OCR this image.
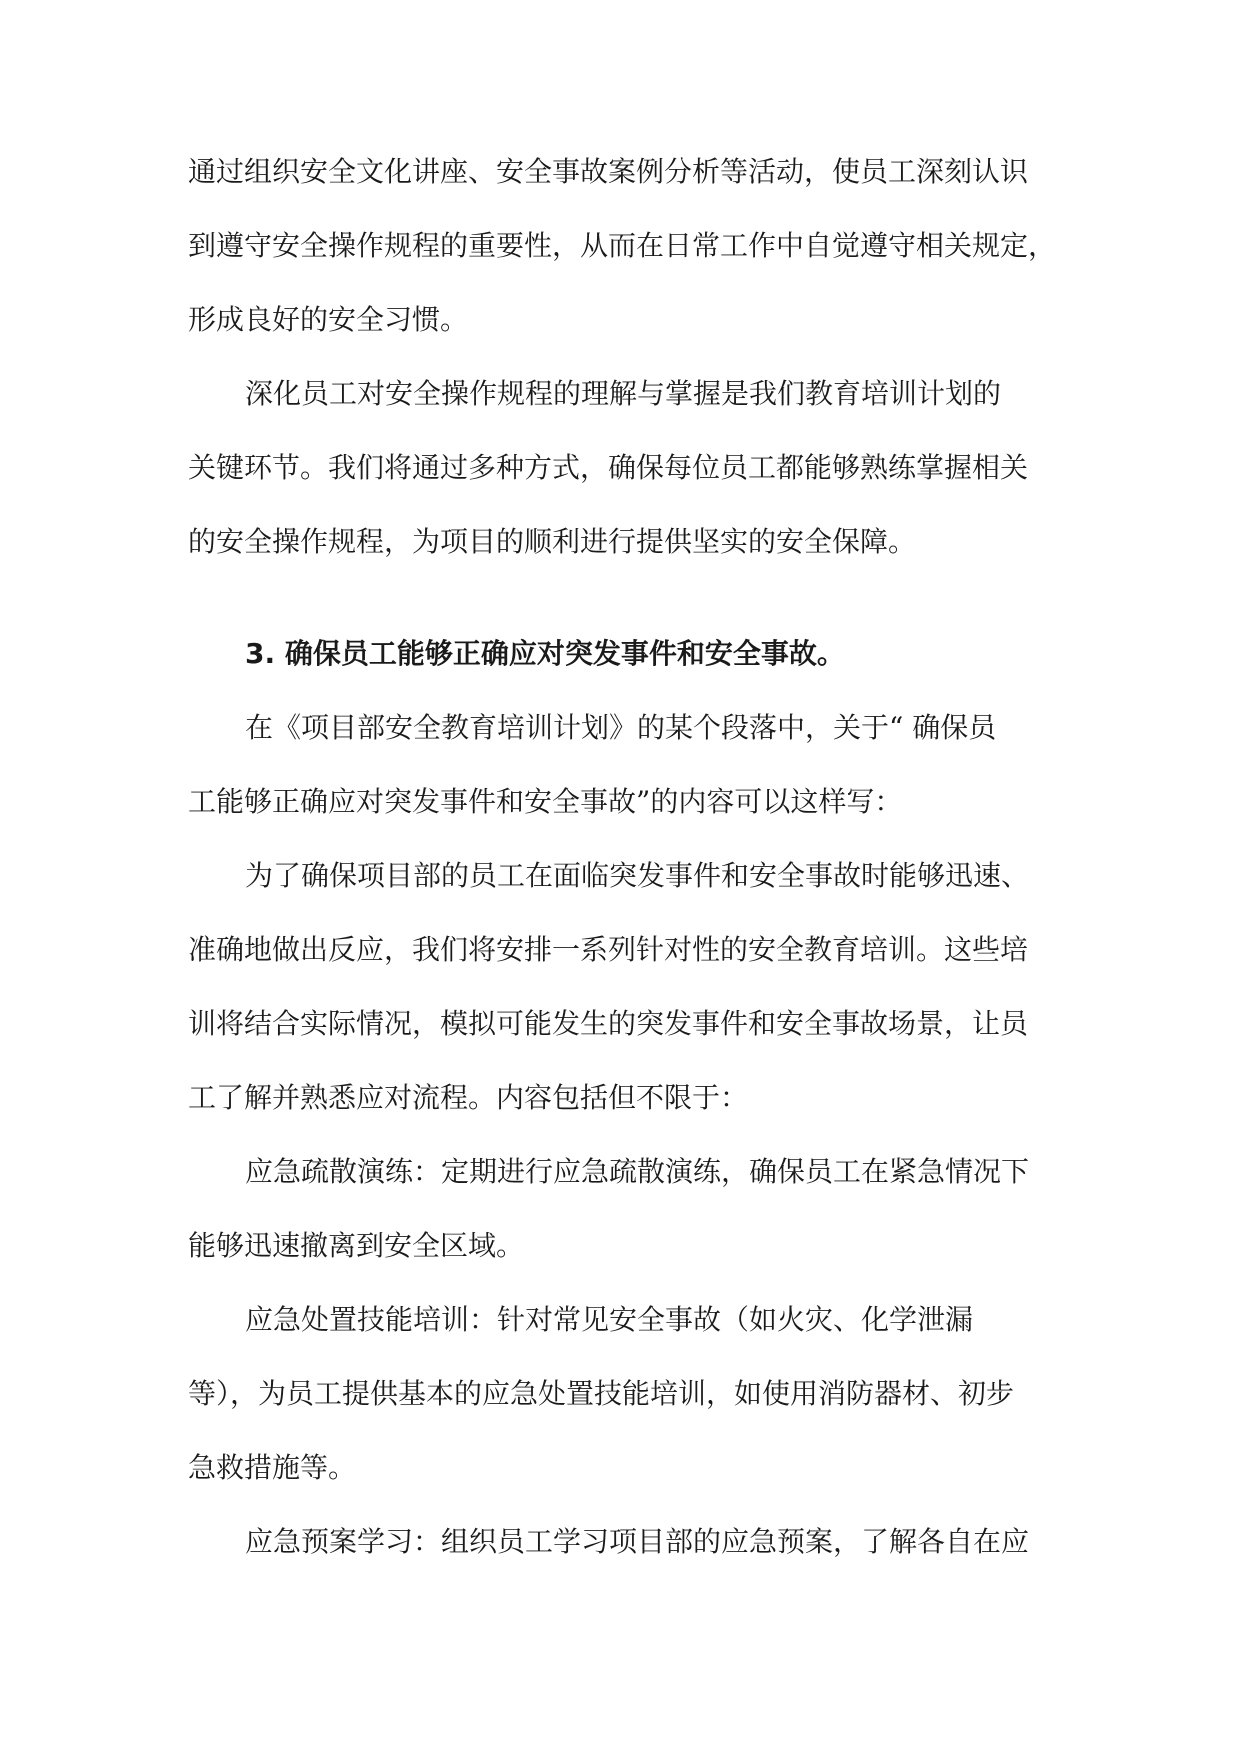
通过组织安全文化讲座、安全事故案例分析等活动，使员工深刻认识

到遵守安全操作规程的重要性，从而在日常工作中自觉遵守相关规定，

形成良好的安全习惯。

深化员工对安全操作规程的理解与掌握是我们教育培训计划的

关键环节。我们将通过多种方式，确保每位员工都能够熟练掌握相关

的安全操作规程，为项目的顺利进行提供坚实的安全保障。

3. 确保员工能够正确应对突发事件和安全事故。

在《项目部安全教育培训计划》的某个段落中，关于“ 确保员

工能够正确应对突发事件和安全事故”的内容可以这样写：

为了确保项目部的员工在面临突发事件和安全事故时能够迅速、

准确地做出反应，我们将安排一系列针对性的安全教育培训。这些培

训将结合实际情况，模拟可能发生的突发事件和安全事故场景，让员

工了解并熟悉应对流程。内容包括但不限于：

应急疏散演练：定期进行应急疏散演练，确保员工在紧急情况下

能够迅速撤离到安全区域。

应急处置技能培训：针对常见安全事故（如火灾、化学泄漏

等），为员工提供基本的应急处置技能培训，如使用消防器材、初步

急救措施等。

应急预案学习：组织员工学习项目部的应急预案，了解各自在应
